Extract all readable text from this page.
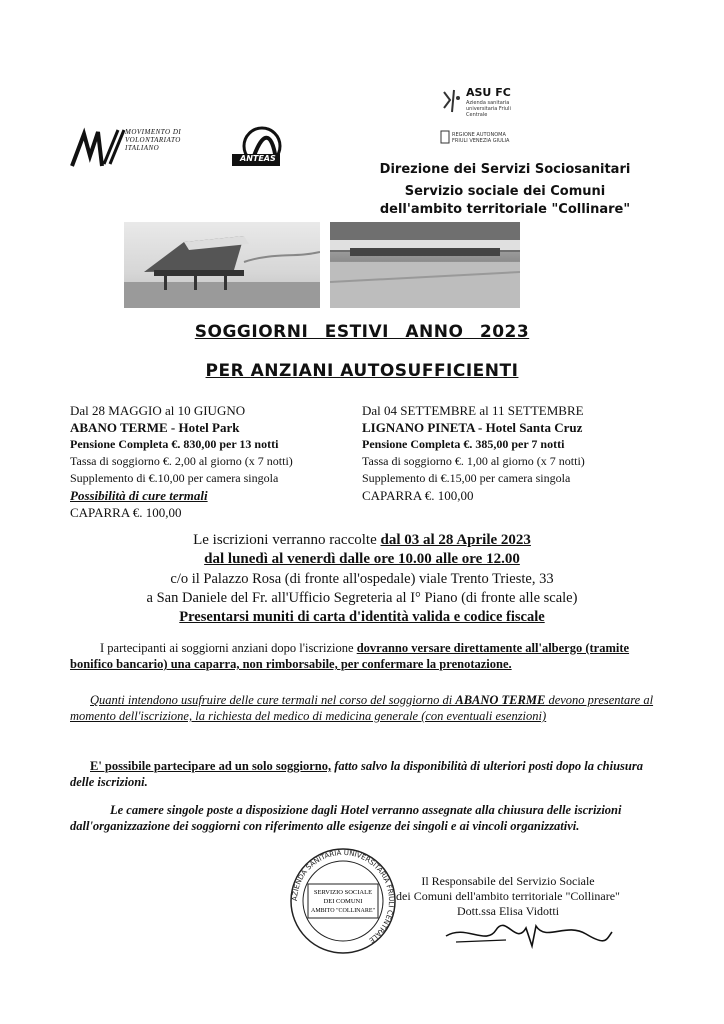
MOVIMENTO DI VOLONTARIATO ITALIANO
ANTEAS
ASU FC
Azienda sanitaria universitaria Friuli Centrale
REGIONE AUTONOMA FRIULI VENEZIA GIULIA
Direzione dei Servizi Sociosanitari
Servizio sociale dei Comuni
dell'ambito territoriale "Collinare"
SOGGIORNI ESTIVI ANNO 2023
PER ANZIANI AUTOSUFFICIENTI
Dal 28 MAGGIO al 10 GIUGNO
ABANO TERME - Hotel Park
Pensione Completa €. 830,00 per 13 notti
Tassa di soggiorno €. 2,00 al giorno (x 7 notti)
Supplemento di €.10,00 per camera singola
Possibilità di cure termali
CAPARRA €. 100,00
Dal 04 SETTEMBRE al 11 SETTEMBRE
LIGNANO PINETA - Hotel Santa Cruz
Pensione Completa €. 385,00 per 7 notti
Tassa di soggiorno €. 1,00 al giorno (x 7 notti)
Supplemento di €.15,00 per camera singola
CAPARRA €. 100,00
Le iscrizioni verranno raccolte dal 03 al 28 Aprile 2023
dal lunedì al venerdì dalle ore 10.00 alle ore 12.00
c/o il Palazzo Rosa (di fronte all'ospedale) viale Trento Trieste, 33
a San Daniele del Fr. all'Ufficio Segreteria al I° Piano (di fronte alle scale)
Presentarsi muniti di carta d'identità valida e codice fiscale
I partecipanti ai soggiorni anziani dopo l'iscrizione dovranno versare direttamente all'albergo (tramite bonifico bancario) una caparra, non rimborsabile, per confermare la prenotazione.
Quanti intendono usufruire delle cure termali nel corso del soggiorno di ABANO TERME devono presentare al momento dell'iscrizione, la richiesta del medico di medicina generale (con eventuali esenzioni)
E' possibile partecipare ad un solo soggiorno, fatto salvo la disponibilità di ulteriori posti dopo la chiusura delle iscrizioni.
Le camere singole poste a disposizione dagli Hotel verranno assegnate alla chiusura delle iscrizioni dall'organizzazione dei soggiorni con riferimento alle esigenze dei singoli e ai vincoli organizzativi.
AZIENDA SANITARIA UNIVERSITARIA FRIULI CENTRALE
SERVIZIO SOCIALE
DEI COMUNI
AMBITO "COLLINARE"
Il Responsabile del Servizio Sociale
dei Comuni dell'ambito territoriale "Collinare"
Dott.ssa Elisa Vidotti
